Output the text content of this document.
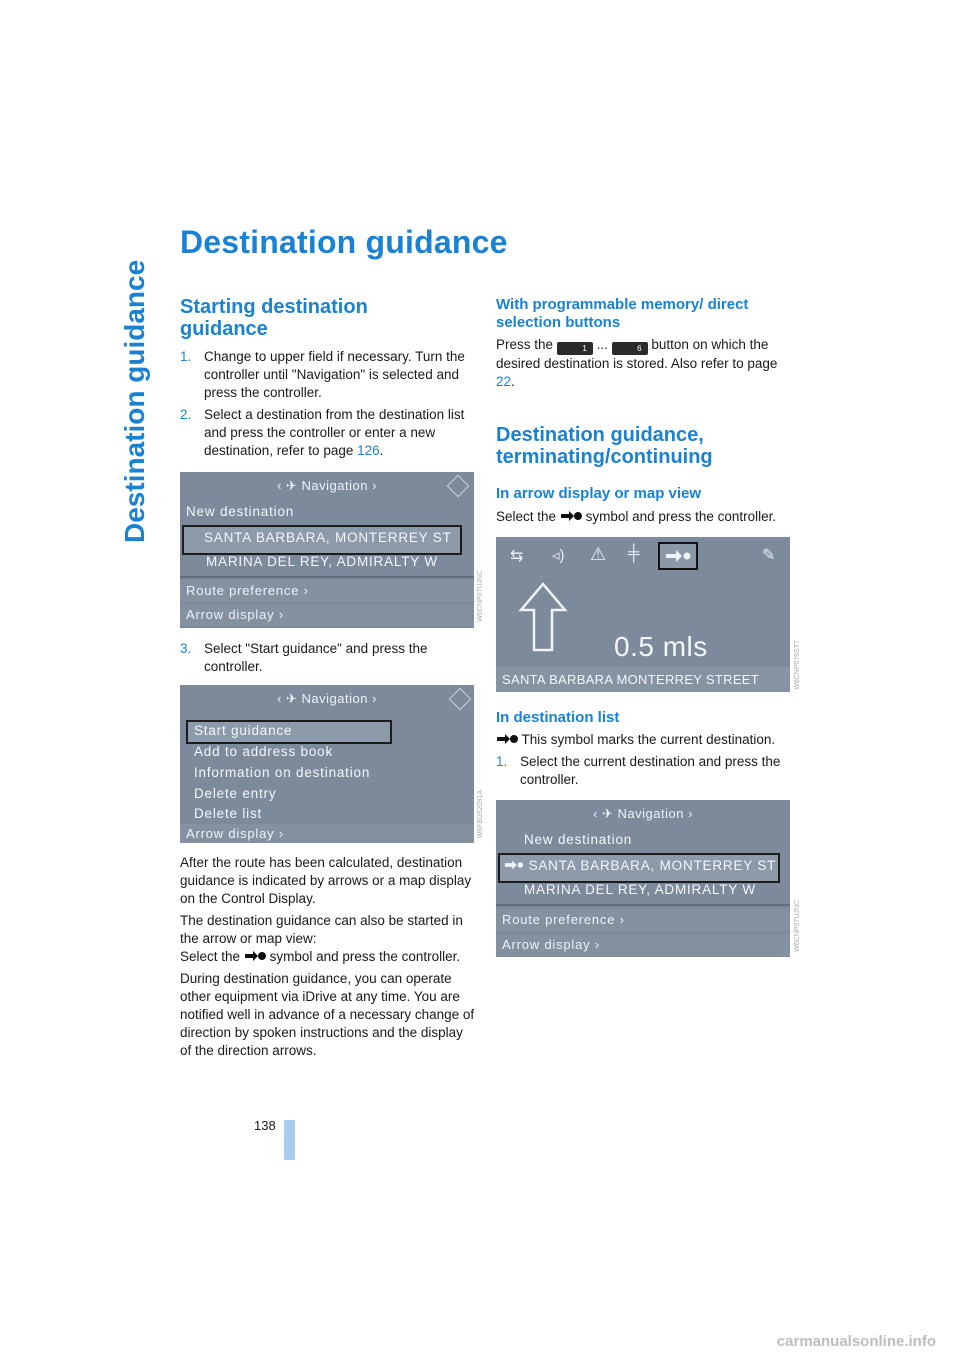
Destination guidance
Destination guidance
Starting destination guidance
1. Change to upper field if necessary. Turn the controller until "Navigation" is selected and press the controller.
2. Select a destination from the destination list and press the controller or enter a new destination, refer to page 126.
‹ ✈ Navigation ›
New destination
SANTA BARBARA, MONTERREY ST
MARINA DEL REY, ADMIRALTY W
Route preference ›
Arrow display ›	W6CNP07UJNC
3. Select "Start guidance" and press the controller.
‹ ✈ Navigation ›
Start guidance
Add to address book
Information on destination
Delete entry
Delete list
Arrow display ›	W6FB0S2091A
After the route has been calculated, destination guidance is indicated by arrows or a map display on the Control Display.
The destination guidance can also be started in the arrow or map view:
Select the symbol and press the controller.
During destination guidance, you can operate other equipment via iDrive at any time. You are notified well in advance of a necessary change of direction by spoken instructions and the display of the direction arrows.
With programmable memory/ direct selection buttons
Press the	1 ...	6 button on which the desired destination is stored. Also refer to page 22.
Destination guidance, terminating/continuing
In arrow display or map view
Select the symbol and press the controller.
⇆ ◃) ⚠ ╪	✎
0.5 mls
SANTA BARBARA MONTERREY STREET	W6CNP076ST7
In destination list
This symbol marks the current destination.
1. Select the current destination and press the controller.
‹ ✈ Navigation ›
New destination
SANTA BARBARA, MONTERREY ST
MARINA DEL REY, ADMIRALTY W
Route preference ›
Arrow display ›	W6CNP07UJNC
138
carmanualsonline.info
